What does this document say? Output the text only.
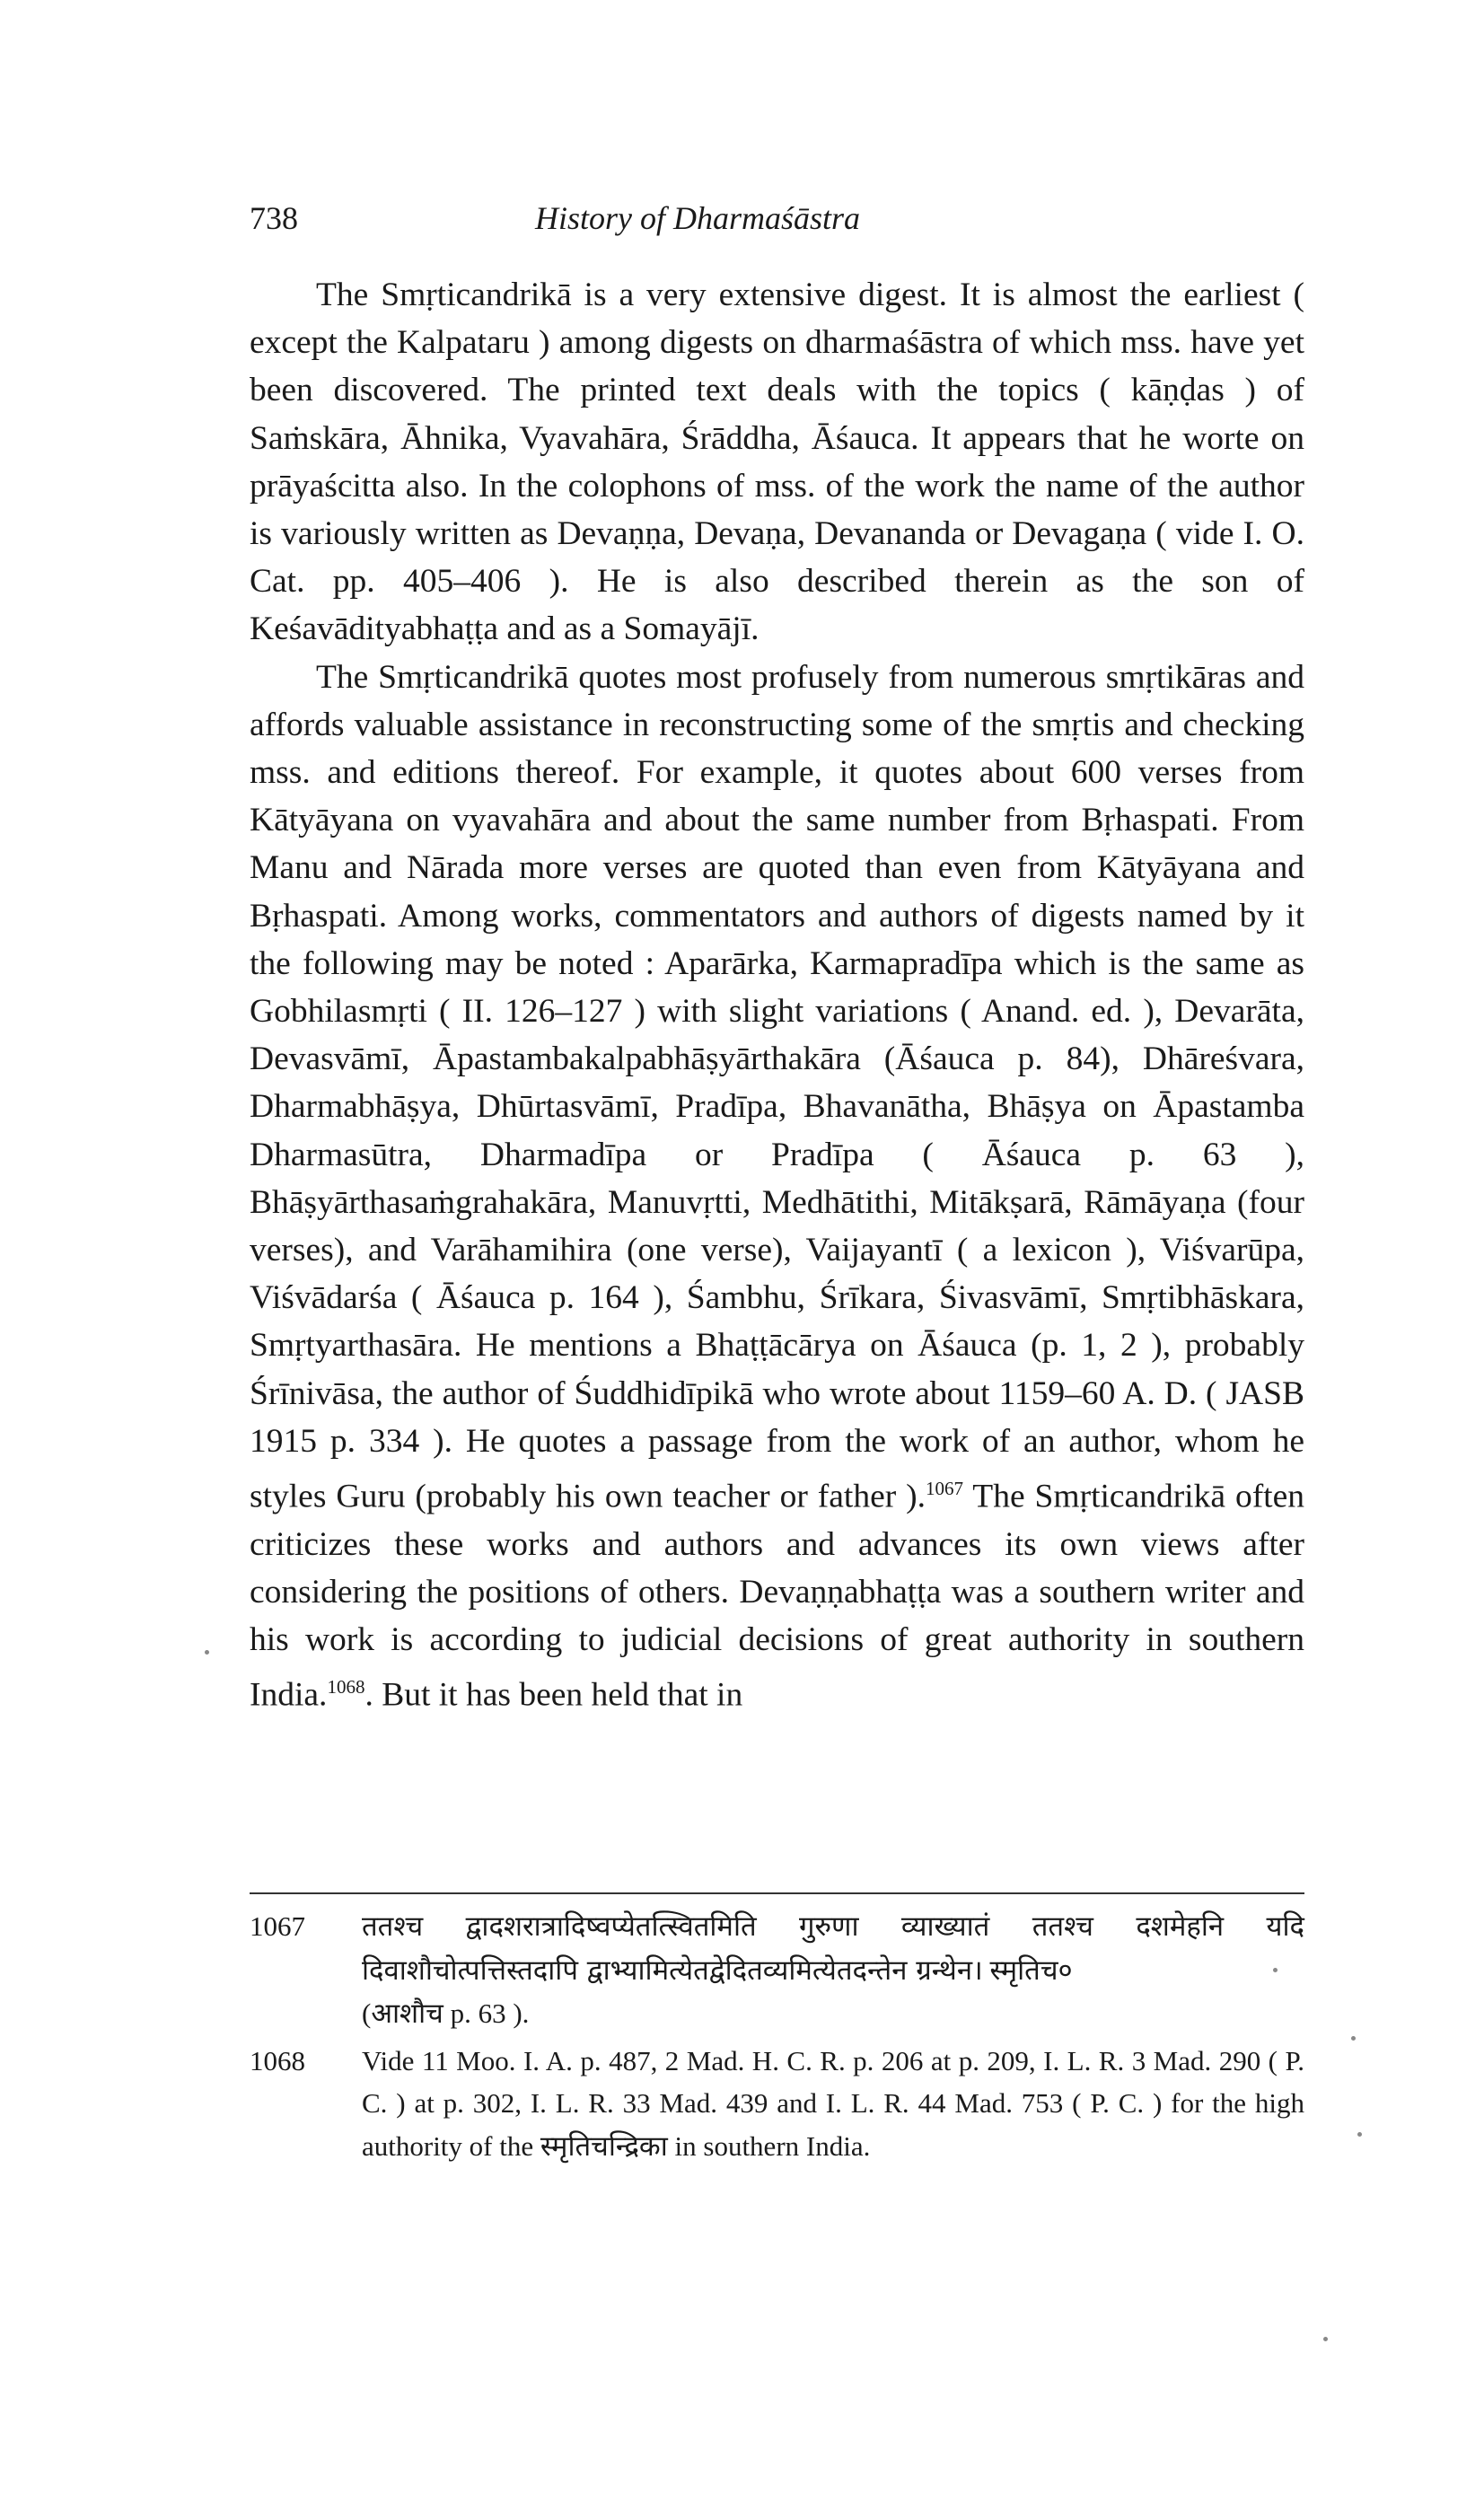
738	History of Dharmaśāstra

The Smṛticandrikā is a very extensive digest. It is almost the earliest ( except the Kalpataru ) among digests on dharmaśāstra of which mss. have yet been discovered. The printed text deals with the topics ( kāṇḍas ) of Saṁskāra, Āhnika, Vyavahāra, Śrāddha, Āśauca. It appears that he worte on prāyaścitta also. In the colophons of mss. of the work the name of the author is variously written as Devaṇṇa, Devaṇa, Devananda or Devagaṇa ( vide I. O. Cat. pp. 405–406 ). He is also described therein as the son of Keśavādityabhaṭṭa and as a Somayājī.

The Smṛticandrikā quotes most profusely from numerous smṛtikāras and affords valuable assistance in reconstructing some of the smṛtis and checking mss. and editions thereof. For example, it quotes about 600 verses from Kātyāyana on vyavahāra and about the same number from Bṛhaspati. From Manu and Nārada more verses are quoted than even from Kātyāyana and Bṛhaspati. Among works, commentators and authors of digests named by it the following may be noted : Aparārka, Karmapradīpa which is the same as Gobhilasmṛti ( II. 126–127 ) with slight variations ( Anand. ed. ), Devarāta, Devasvāmī, Āpastambakalpabhāṣyārthakāra (Āśauca p. 84), Dhāreśvara, Dharmabhāṣya, Dhūrtasvāmī, Pradīpa, Bhavanātha, Bhāṣya on Āpastamba Dharmasūtra, Dharmadīpa or Pradīpa ( Āśauca p. 63 ), Bhāṣyārthasaṁgrahakāra, Manuvṛtti, Medhātithi, Mitākṣarā, Rāmāyaṇa (four verses), and Varāhamihira (one verse), Vaijayantī ( a lexicon ), Viśvarūpa, Viśvādarśa ( Āśauca p. 164 ), Śambhu, Śrīkara, Śivasvāmī, Smṛtibhāskara, Smṛtyarthasāra. He mentions a Bhaṭṭācārya on Āśauca (p. 1, 2 ), probably Śrīnivāsa, the author of Śuddhidīpikā who wrote about 1159–60 A. D. ( JASB 1915 p. 334 ). He quotes a passage from the work of an author, whom he styles Guru (probably his own teacher or father ).$^{1067}$ The Smṛticandrikā often criticizes these works and authors and advances its own views after considering the positions of others. Devaṇṇabhaṭṭa was a southern writer and his work is according to judicial decisions of great authority in southern India.$^{1068}$. But it has been held that in

1067	ततश्च द्वादशरात्रादिष्वप्येतत्स्वितमिति गुरुणा व्याख्यातं ततश्च दशमेहनि यदि दिवाशौचोत्पत्तिस्तदापि द्वाभ्यामित्येतद्वेदितव्यमित्येतदन्तेन ग्रन्थेन। स्मृतिच०
(आशौच p. 63 ).
1068	Vide 11 Moo. I. A. p. 487, 2 Mad. H. C. R. p. 206 at p. 209, I. L. R. 3 Mad. 290 ( P. C. ) at p. 302, I. L. R. 33 Mad. 439 and I. L. R. 44 Mad. 753 ( P. C. ) for the high authority of the स्मृतिचन्द्रिका in southern India.
